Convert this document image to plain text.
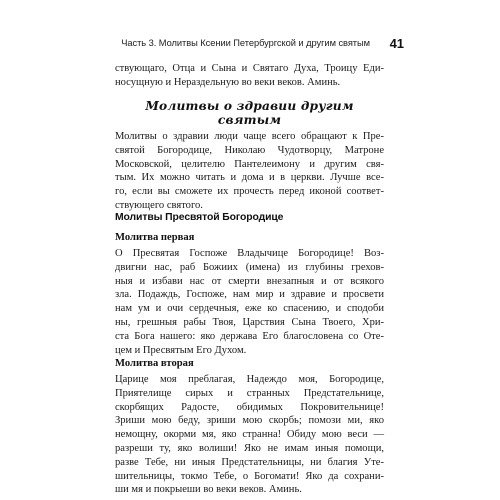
Часть 3. Молитвы Ксении Петербургской и другим святым 41
ствующаго, Отца и Сына и Святаго Духа, Троицу Еди-
носущную и Нераздельную во веки веков. Аминь.
Молитвы о здравии другим святым
Молитвы о здравии люди чаще всего обращают к Пре-
святой Богородице, Николаю Чудотворцу, Матроне
Московской, целителю Пантелеимону и другим свя-
тым. Их можно читать и дома и в церкви. Лучше все-
го, если вы сможете их прочесть перед иконой соответ-
ствующего святого.
Молитвы Пресвятой Богородице
Молитва первая
О Пресвятая Госпоже Владычице Богородице! Воз-
двигни нас, раб Божиих (имена) из глубины грехов-
ныя и избави нас от смерти внезапныя и от всякого
зла. Подаждь, Госпоже, нам мир и здравие и просвети
нам ум и очи сердечныя, еже ко спасению, и сподоби
ны, грешныя рабы Твоя, Царствия Сына Твоего, Хри-
ста Бога нашего: яко держава Его благословена со Оте-
цем и Пресвятым Его Духом.
Молитва вторая
Царице моя преблагая, Надеждо моя, Богородице,
Приятелище сирых и странных Предстательнице,
скорбящих Радосте, обидимых Покровительнице!
Зриши мою беду, зриши мою скорбь; помози ми, яко
немощну, окорми мя, яко странна! Обиду мою веси —
разреши ту, яко волиши! Яко не имам иныя помощи,
разве Тебе, ни иныя Предстательницы, ни благия Уте-
шительницы, токмо Тебе, о Богомати! Яко да сохрани-
ши мя и покрыеши во веки веков. Аминь.
